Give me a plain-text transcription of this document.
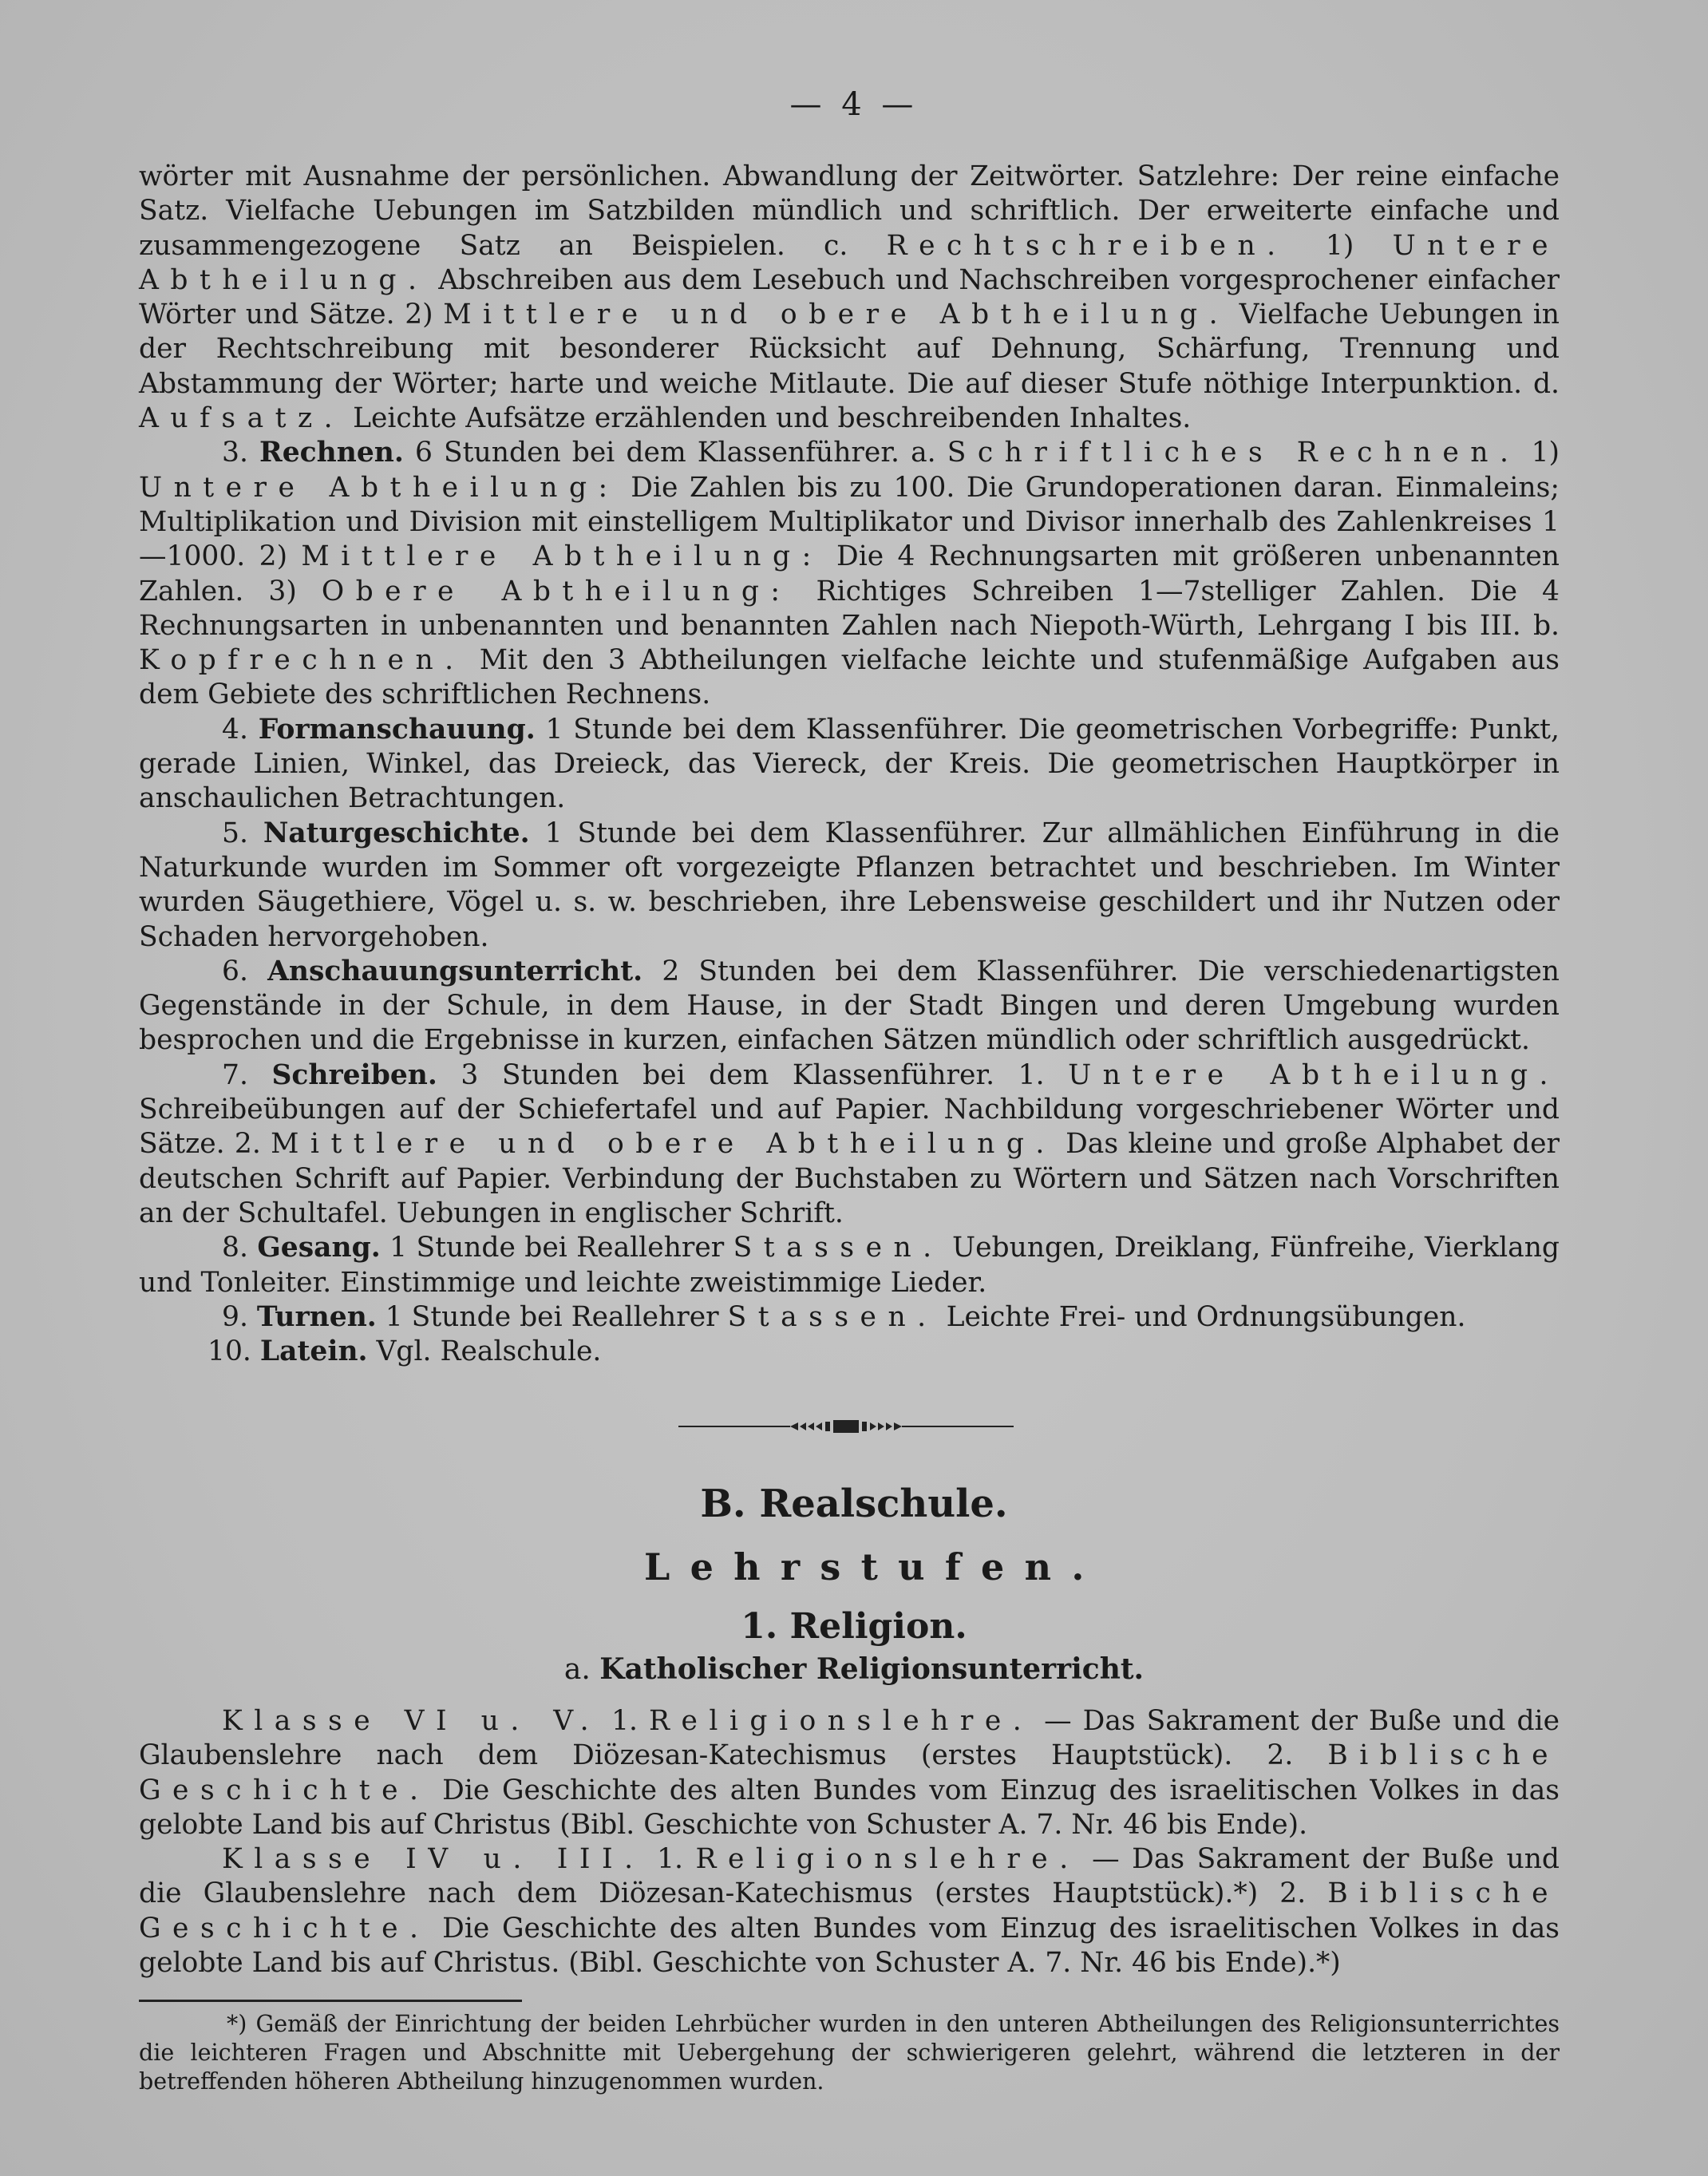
— 4 —

wörter mit Ausnahme der persönlichen. Abwandlung der Zeitwörter. Satzlehre: Der reine einfache Satz. Vielfache Uebungen im Satzbilden mündlich und schriftlich. Der erweiterte einfache und zusammengezogene Satz an Beispielen. c. Rechtschreiben. 1) Untere Abtheilung. Abschreiben aus dem Lesebuch und Nachschreiben vorgesprochener einfacher Wörter und Sätze. 2) Mittlere und obere Abtheilung. Vielfache Uebungen in der Rechtschreibung mit besonderer Rücksicht auf Dehnung, Schärfung, Trennung und Abstammung der Wörter; harte und weiche Mitlaute. Die auf dieser Stufe nöthige Interpunktion. d. Aufsatz. Leichte Aufsätze erzählenden und beschreibenden Inhaltes.

3. Rechnen. 6 Stunden bei dem Klassenführer. a. Schriftliches Rechnen. 1) Untere Abtheilung: Die Zahlen bis zu 100. Die Grundoperationen daran. Einmaleins; Multiplikation und Division mit einstelligem Multiplikator und Divisor innerhalb des Zahlenkreises 1—1000. 2) Mittlere Abtheilung: Die 4 Rechnungsarten mit größeren unbenannten Zahlen. 3) Obere Abtheilung: Richtiges Schreiben 1—7stelliger Zahlen. Die 4 Rechnungsarten in unbenannten und benannten Zahlen nach Niepoth-Würth, Lehrgang I bis III. b. Kopfrechnen. Mit den 3 Abtheilungen vielfache leichte und stufenmäßige Aufgaben aus dem Gebiete des schriftlichen Rechnens.

4. Formanschauung. 1 Stunde bei dem Klassenführer. Die geometrischen Vorbegriffe: Punkt, gerade Linien, Winkel, das Dreieck, das Viereck, der Kreis. Die geometrischen Hauptkörper in anschaulichen Betrachtungen.

5. Naturgeschichte. 1 Stunde bei dem Klassenführer. Zur allmählichen Einführung in die Naturkunde wurden im Sommer oft vorgezeigte Pflanzen betrachtet und beschrieben. Im Winter wurden Säugethiere, Vögel u. s. w. beschrieben, ihre Lebensweise geschildert und ihr Nutzen oder Schaden hervorgehoben.

6. Anschauungsunterricht. 2 Stunden bei dem Klassenführer. Die verschiedenartigsten Gegenstände in der Schule, in dem Hause, in der Stadt Bingen und deren Umgebung wurden besprochen und die Ergebnisse in kurzen, einfachen Sätzen mündlich oder schriftlich ausgedrückt.

7. Schreiben. 3 Stunden bei dem Klassenführer. 1. Untere Abtheilung. Schreibeübungen auf der Schiefertafel und auf Papier. Nachbildung vorgeschriebener Wörter und Sätze. 2. Mittlere und obere Abtheilung. Das kleine und große Alphabet der deutschen Schrift auf Papier. Verbindung der Buchstaben zu Wörtern und Sätzen nach Vorschriften an der Schultafel. Uebungen in englischer Schrift.

8. Gesang. 1 Stunde bei Reallehrer Stassen. Uebungen, Dreiklang, Fünfreihe, Vierklang und Tonleiter. Einstimmige und leichte zweistimmige Lieder.

9. Turnen. 1 Stunde bei Reallehrer Stassen. Leichte Frei- und Ordnungsübungen.

10. Latein. Vgl. Realschule.

B. Realschule.
Lehrstufen.
1. Religion.
a. Katholischer Religionsunterricht.

Klasse VI u. V. 1. Religionslehre. — Das Sakrament der Buße und die Glaubenslehre nach dem Diözesan-Katechismus (erstes Hauptstück). 2. Biblische Geschichte. Die Geschichte des alten Bundes vom Einzug des israelitischen Volkes in das gelobte Land bis auf Christus (Bibl. Geschichte von Schuster A. 7. Nr. 46 bis Ende).

Klasse IV u. III. 1. Religionslehre. — Das Sakrament der Buße und die Glaubenslehre nach dem Diözesan-Katechismus (erstes Hauptstück).*) 2. Biblische Geschichte. Die Geschichte des alten Bundes vom Einzug des israelitischen Volkes in das gelobte Land bis auf Christus. (Bibl. Geschichte von Schuster A. 7. Nr. 46 bis Ende).*)

*) Gemäß der Einrichtung der beiden Lehrbücher wurden in den unteren Abtheilungen des Religionsunterrichtes die leichteren Fragen und Abschnitte mit Uebergehung der schwierigeren gelehrt, während die letzteren in der betreffenden höheren Abtheilung hinzugenommen wurden.
